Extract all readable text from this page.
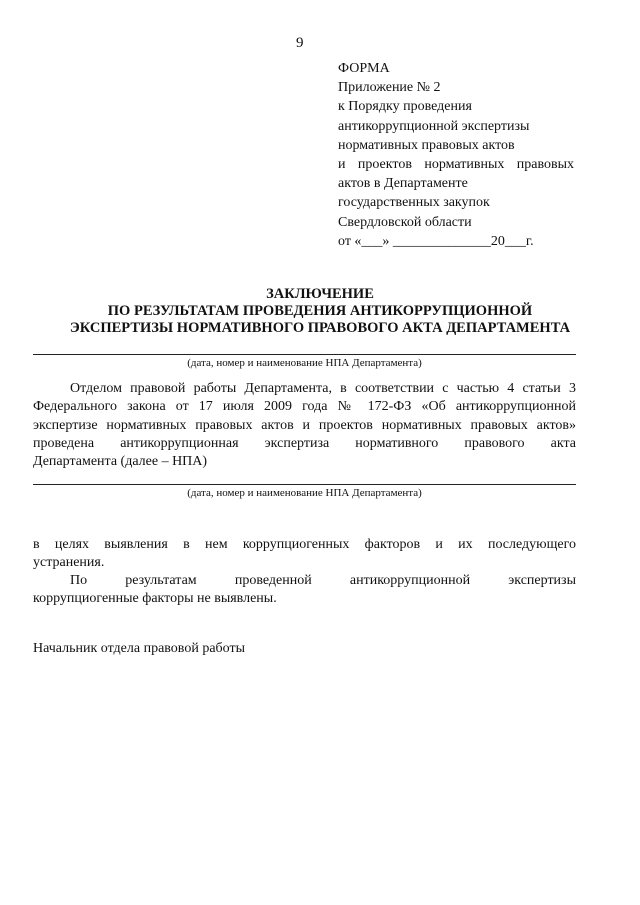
9
ФОРМА
Приложение № 2
к Порядку проведения
антикоррупционной экспертизы
нормативных правовых актов
и проектов нормативных правовых
актов в Департаменте
государственных закупок
Свердловской области
от «___» ______________20___г.
ЗАКЛЮЧЕНИЕ
ПО РЕЗУЛЬТАТАМ ПРОВЕДЕНИЯ АНТИКОРРУПЦИОННОЙ
ЭКСПЕРТИЗЫ НОРМАТИВНОГО ПРАВОВОГО АКТА ДЕПАРТАМЕНТА
(дата, номер и наименование НПА Департамента)
Отделом правовой работы Департамента, в соответствии с частью 4 статьи 3
Федерального закона от 17 июля 2009 года № 172-ФЗ «Об антикоррупционной
экспертизе нормативных правовых актов и проектов нормативных правовых актов»
проведена антикоррупционная экспертиза нормативного правового акта
Департамента (далее – НПА)
(дата, номер и наименование НПА Департамента)
в целях выявления в нем коррупциогенных факторов и их последующего
устранения.
По результатам проведенной антикоррупционной экспертизы
коррупциогенные факторы не выявлены.
Начальник отдела правовой работы
